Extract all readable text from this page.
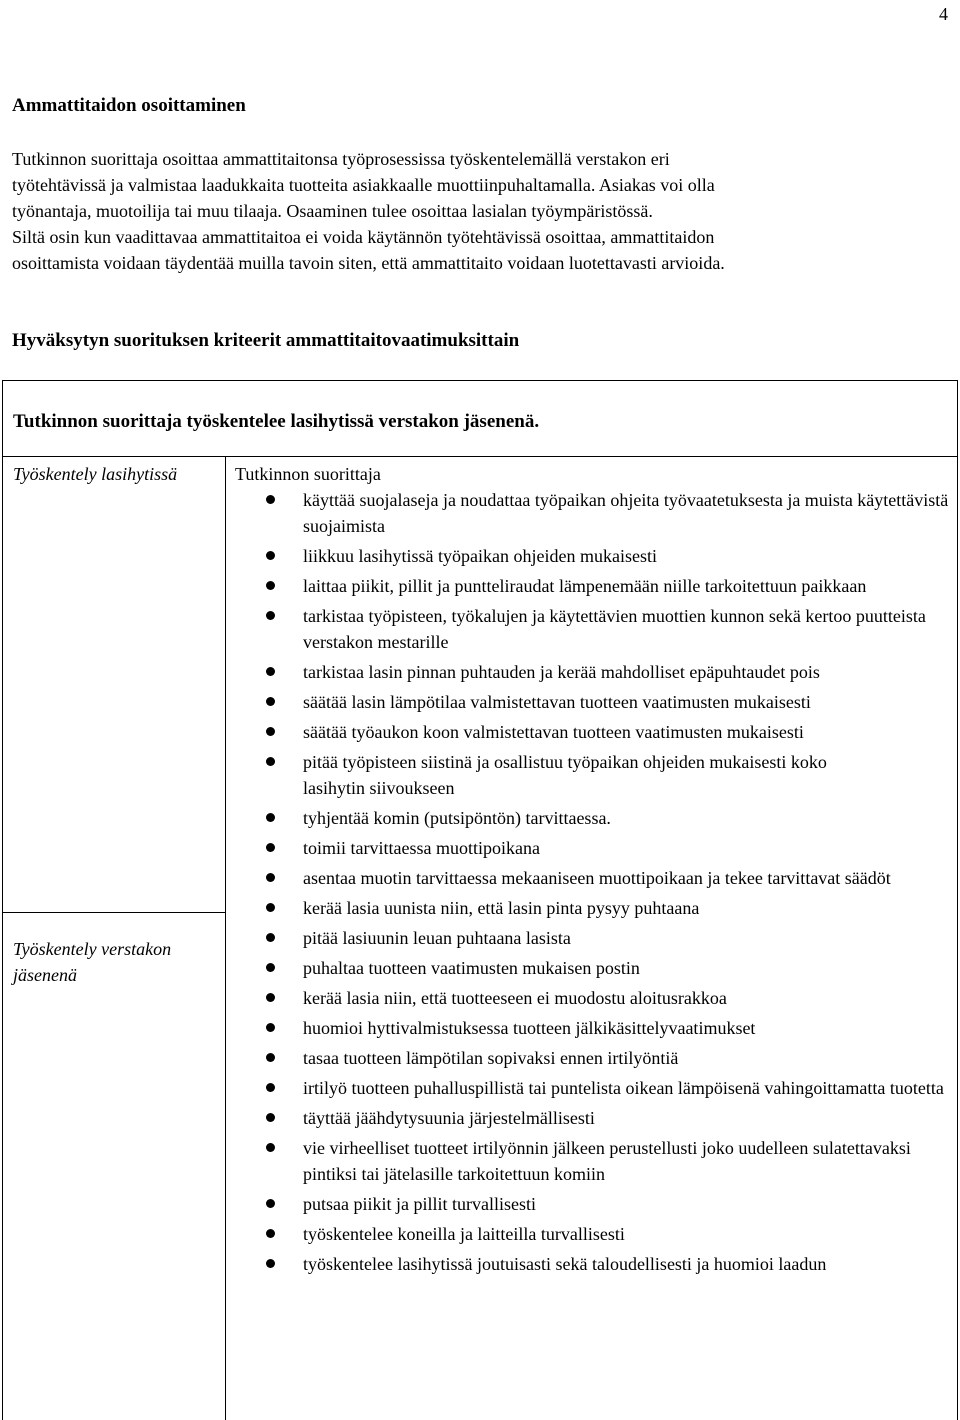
4
Ammattitaidon osoittaminen

Tutkinnon suorittaja osoittaa ammattitaitonsa työprosessissa työskentelemällä verstakon eri

työtehtävissä ja valmistaa laadukkaita tuotteita asiakkaalle muottiinpuhaltamalla. Asiakas voi olla

työnantaja, muotoilija tai muu tilaaja. Osaaminen tulee osoittaa lasialan työympäristössä.

Siltä osin kun vaadittavaa ammattitaitoa ei voida käytännön työtehtävissä osoittaa, ammattitaidon

osoittamista voidaan täydentää muilla tavoin siten, että ammattitaito voidaan luotettavasti arvioida.

Hyväksytyn suorituksen kriteerit ammattitaitovaatimuksittain
Tutkinnon suorittaja työskentelee lasihytissä verstakon jäsenenä.
Työskentely lasihytissä
Työskentely verstakon jäsenenä
Tutkinnon suorittaja
käyttää suojalaseja ja noudattaa työpaikan ohjeita työvaatetuksesta ja muista käytettävistä suojaimista
liikkuu lasihytissä työpaikan ohjeiden mukaisesti
laittaa piikit, pillit ja puntteliraudat lämpenemään niille tarkoitettuun paikkaan
tarkistaa työpisteen, työkalujen ja käytettävien muottien kunnon sekä kertoo puutteista verstakon mestarille
tarkistaa lasin pinnan puhtauden ja kerää mahdolliset epäpuhtaudet pois
säätää lasin lämpötilaa valmistettavan tuotteen vaatimusten mukaisesti
säätää työaukon koon valmistettavan tuotteen vaatimusten mukaisesti
pitää työpisteen siistinä ja osallistuu työpaikan ohjeiden mukaisesti koko
lasihytin siivoukseen
tyhjentää komin (putsipöntön) tarvittaessa.
toimii tarvittaessa muottipoikana
asentaa muotin tarvittaessa mekaaniseen muottipoikaan ja tekee tarvittavat säädöt
kerää lasia uunista niin, että lasin pinta pysyy puhtaana
pitää lasiuunin leuan puhtaana lasista
puhaltaa tuotteen vaatimusten mukaisen postin
kerää lasia niin, että tuotteeseen ei muodostu aloitusrakkoa
huomioi hyttivalmistuksessa tuotteen jälkikäsittelyvaatimukset
tasaa tuotteen lämpötilan sopivaksi ennen irtilyöntiä
irtilyö tuotteen puhalluspillistä tai puntelista oikean lämpöisenä vahingoittamatta tuotetta
täyttää jäähdytysuunia järjestelmällisesti
vie virheelliset tuotteet irtilyönnin jälkeen perustellusti joko uudelleen sulatettavaksi pintiksi tai jätelasille tarkoitettuun komiin
putsaa piikit ja pillit turvallisesti
työskentelee koneilla ja laitteilla turvallisesti
työskentelee lasihytissä joutuisasti sekä taloudellisesti ja huomioi laadun
